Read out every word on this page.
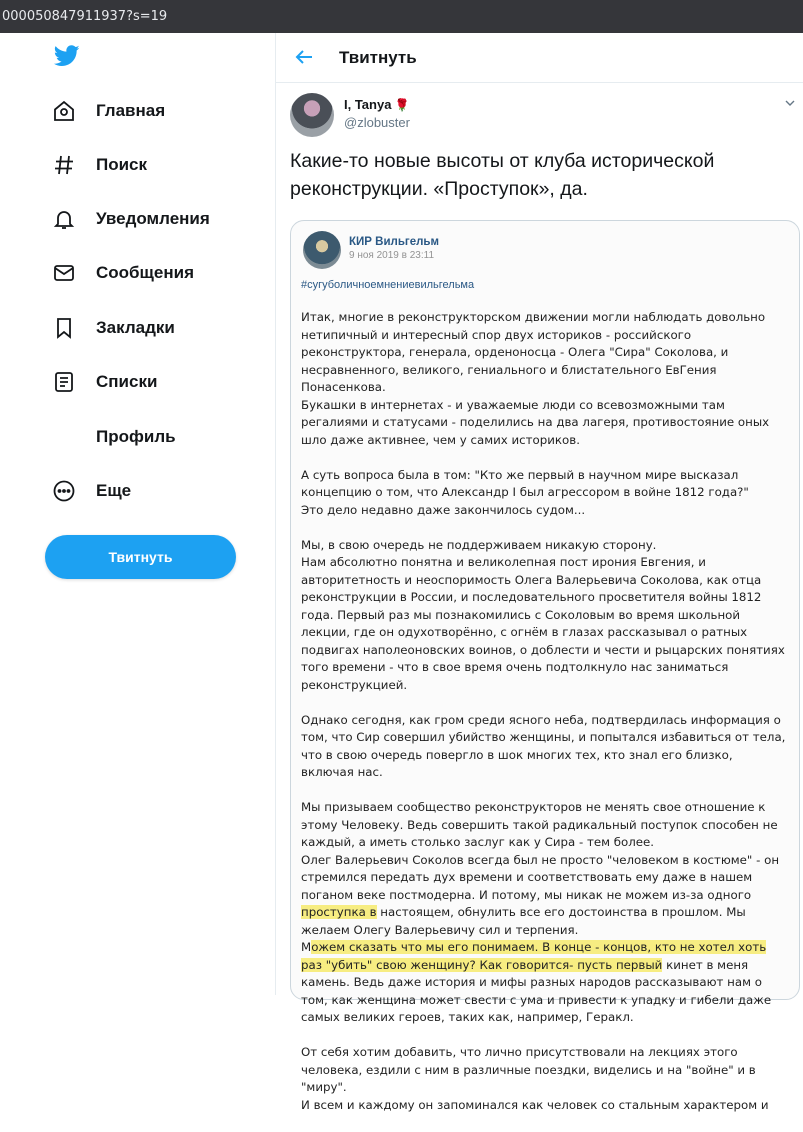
000050847911937?s=19
Главная
Поиск
Уведомления
Сообщения
Закладки
Списки
Профиль
Еще
Твитнуть
Твитнуть
I, Tanya 🌹
@zlobuster
Какие-то новые высоты от клуба исторической реконструкции. «Проступок», да.
КИР Вильгельм
9 ноя 2019 в 23:11
#сугуболичноемнениевильгельма

Итак, многие в реконструкторском движении могли наблюдать довольно нетипичный и интересный спор двух историков - российского реконструктора, генерала, орденоносца - Олега "Сира" Соколова, и несравненного, великого, гениального и блистательного ЕвГения Понасенкова.
Букашки в интернетах - и уважаемые люди со всевозможными там регалиями и статусами - поделились на два лагеря, противостояние оных шло даже активнее, чем у самих историков.

А суть вопроса была в том: "Кто же первый в научном мире высказал концепцию о том, что Александр I был агрессором в войне 1812 года?"
Это дело недавно даже закончилось судом...

Мы, в свою очередь не поддерживаем никакую сторону.
Нам абсолютно понятна и великолепная пост ирония Евгения, и авторитетность и неоспоримость Олега Валерьевича Соколова, как отца реконструкции в России, и последовательного просветителя войны 1812 года. Первый раз мы познакомились с Соколовым во время школьной лекции, где он одухотворённо, с огнём в глазах рассказывал о ратных подвигах наполеоновских воинов, о доблести и чести и рыцарских понятиях того времени - что в свое время очень подтолкнуло нас заниматься реконструкцией.

Однако сегодня, как гром среди ясного неба, подтвердилась информация о том, что Сир совершил убийство женщины, и попытался избавиться от тела, что в свою очередь повергло в шок многих тех, кто знал его близко, включая нас.

Мы призываем сообщество реконструкторов не менять свое отношение к этому Человеку. Ведь совершить такой радикальный поступок способен не каждый, а иметь столько заслуг как у Сира - тем более.
Олег Валерьевич Соколов всегда был не просто "человеком в костюме" - он стремился передать дух времени и соответствовать ему даже в нашем поганом веке постмодерна. И потому, мы никак не можем из-за одного проступка в настоящем, обнулить все его достоинства в прошлом. Мы желаем Олегу Валерьевичу сил и терпения.
Можем сказать что мы его понимаем. В конце - концов, кто не хотел хоть раз "убить" свою женщину? Как говорится- пусть первый кинет в меня камень. Ведь даже история и мифы разных народов рассказывают нам о том, как женщина может свести с ума и привести к упадку и гибели даже самых великих героев, таких как, например, Геракл.

От себя хотим добавить, что лично присутствовали на лекциях этого человека, ездили с ним в различные поездки, виделись и на "войне" и в "миру".
И всем и каждому он запоминался как человек со стальным характером и
